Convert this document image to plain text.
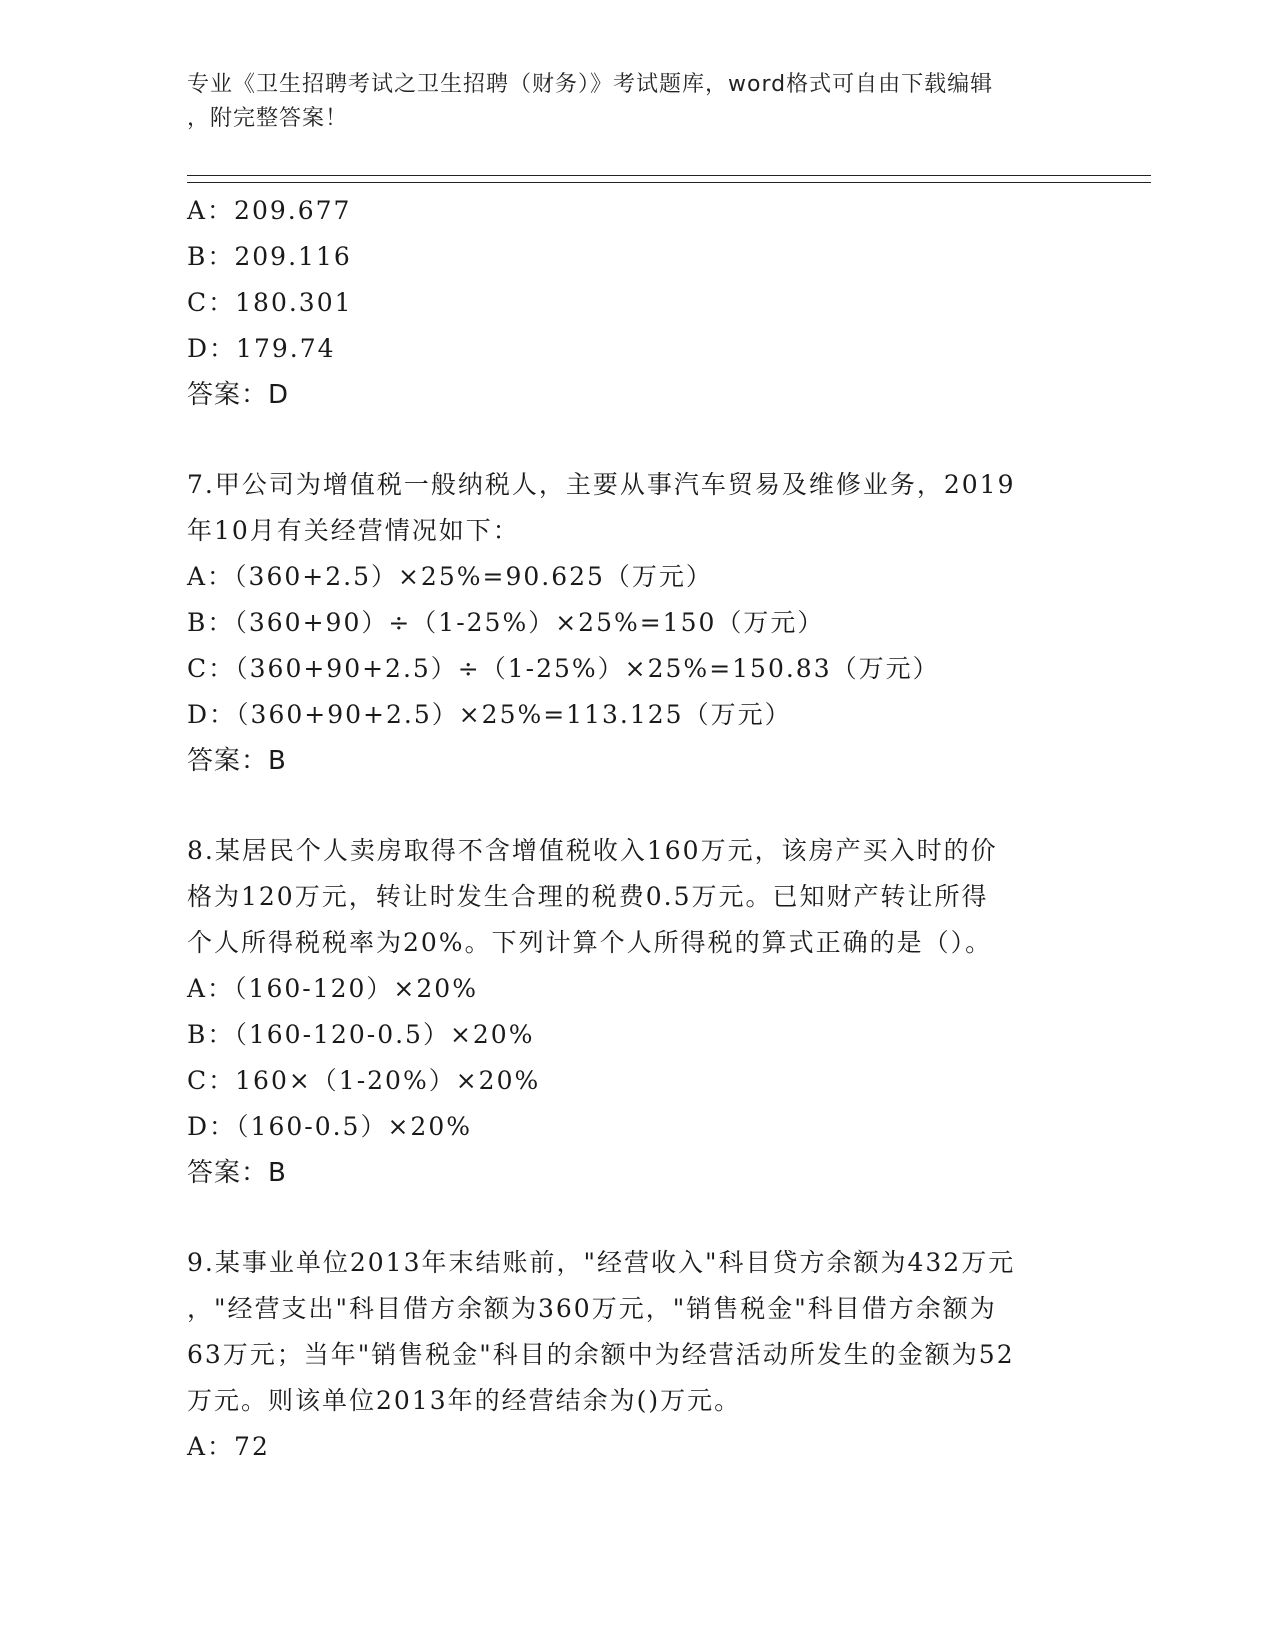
专业《卫生招聘考试之卫生招聘（财务）》考试题库，word格式可自由下载编辑
，附完整答案！
A：209.677
B：209.116
C：180.301
D：179.74
答案：D
7.甲公司为增值税一般纳税人，主要从事汽车贸易及维修业务，2019
年10月有关经营情况如下：
A：（360+2.5）×25%=90.625（万元）
B：（360+90）÷（1-25%）×25%=150（万元）
C：（360+90+2.5）÷（1-25%）×25%=150.83（万元）
D：（360+90+2.5）×25%=113.125（万元）
答案：B
8.某居民个人卖房取得不含增值税收入160万元，该房产买入时的价
格为120万元，转让时发生合理的税费0.5万元。已知财产转让所得
个人所得税税率为20%。下列计算个人所得税的算式正确的是（）。
A：（160-120）×20%
B：（160-120-0.5）×20%
C：160×（1-20%）×20%
D：（160-0.5）×20%
答案：B
9.某事业单位2013年末结账前，"经营收入"科目贷方余额为432万元
，"经营支出"科目借方余额为360万元，"销售税金"科目借方余额为
63万元；当年"销售税金"科目的余额中为经营活动所发生的金额为52
万元。则该单位2013年的经营结余为()万元。
A：72
